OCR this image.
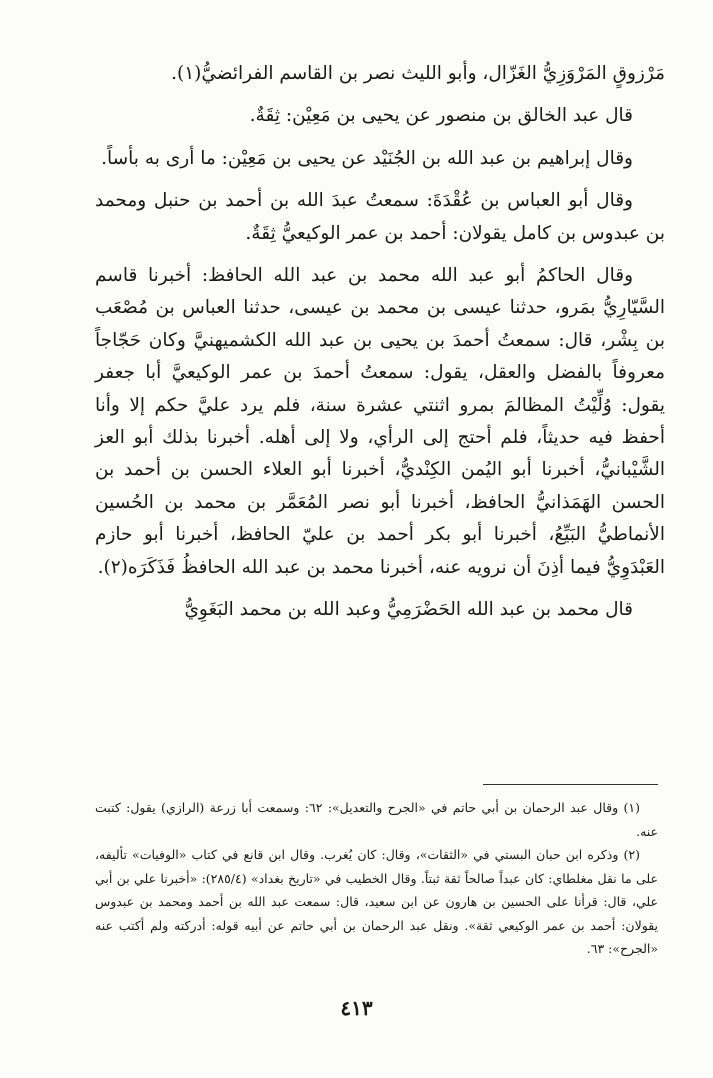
مَرْزوقٍ المَرْوَزِيُّ الغَزّال، وأبو الليث نصر بن القاسم الفرائضيُّ(١).

قال عبد الخالق بن منصور عن يحيى بن مَعِيْن: ثِقَةٌ.

وقال إبراهيم بن عبد الله بن الجُنَيْد عن يحيى بن مَعِيْن: ما أرى به بأساً.

وقال أبو العباس بن عُقْدَةَ: سمعتُ عبدَ الله بن أحمد بن حنبل ومحمد بن عبدوس بن كامل يقولان: أحمد بن عمر الوكيعيُّ ثِقَةٌ.

وقال الحاكمُ أبو عبد الله محمد بن عبد الله الحافظ: أخبرنا قاسم السَّيّارِيُّ بمَرو، حدثنا عيسى بن محمد بن عيسى، حدثنا العباس بن مُصْعَب بن بِشْر، قال: سمعتُ أحمدَ بن يحيى بن عبد الله الكشميهنيَّ وكان حَجّاجاً معروفاً بالفضل والعقل، يقول: سمعتُ أحمدَ بن عمر الوكيعيَّ أبا جعفر يقول: وُلِّيْتُ المظالمَ بمرو اثنتي عشرة سنة، فلم يرد عليَّ حكم إلا وأنا أحفظ فيه حديثاً، فلم أحتج إلى الرأي، ولا إلى أهله. أخبرنا بذلك أبو العز الشَّيْبانيُّ، أخبرنا أبو اليُمن الكِنْديُّ، أخبرنا أبو العلاء الحسن بن أحمد بن الحسن الهَمَذانيُّ الحافظ، أخبرنا أبو نصر المُعَمَّر بن محمد بن الحُسين الأنماطيُّ البَيِّعُ، أخبرنا أبو بكر أحمد بن عليّ الحافظ، أخبرنا أبو حازم العَبْدَوِيُّ فيما أذِنَ أن نرويه عنه، أخبرنا محمد بن عبد الله الحافظُ فَذَكَرَه(٢).

قال محمد بن عبد الله الحَضْرَمِيُّ وعبد الله بن محمد البَغَوِيُّ

(١) وقال عبد الرحمان بن أبي حاتم في «الجرح والتعديل»: ٦٢: وسمعت أبا زرعة (الرازي) يقول: كتبت عنه.

(٢) وذكره ابن حبان البستي في «الثقات»، وقال: كان يُغرب. وقال ابن قانع في كتاب «الوفيات» تأليفه، على ما نقل مغلطاي: كان عبداً صالحاً ثقة ثبتاً. وقال الخطيب في «تاريخ بغداد» (٢٨٥/٤): «أخبرنا علي بن أبي علي، قال: قرأنا على الحسين بن هارون عن ابن سعيد، قال: سمعت عبد الله بن أحمد ومحمد بن عبدوس يقولان: أحمد بن عمر الوكيعي ثقة». ونقل عبد الرحمان بن أبي حاتم عن أبيه قوله: أدركته ولم أكتب عنه «الجرح»: ٦٣.

٤١٣
